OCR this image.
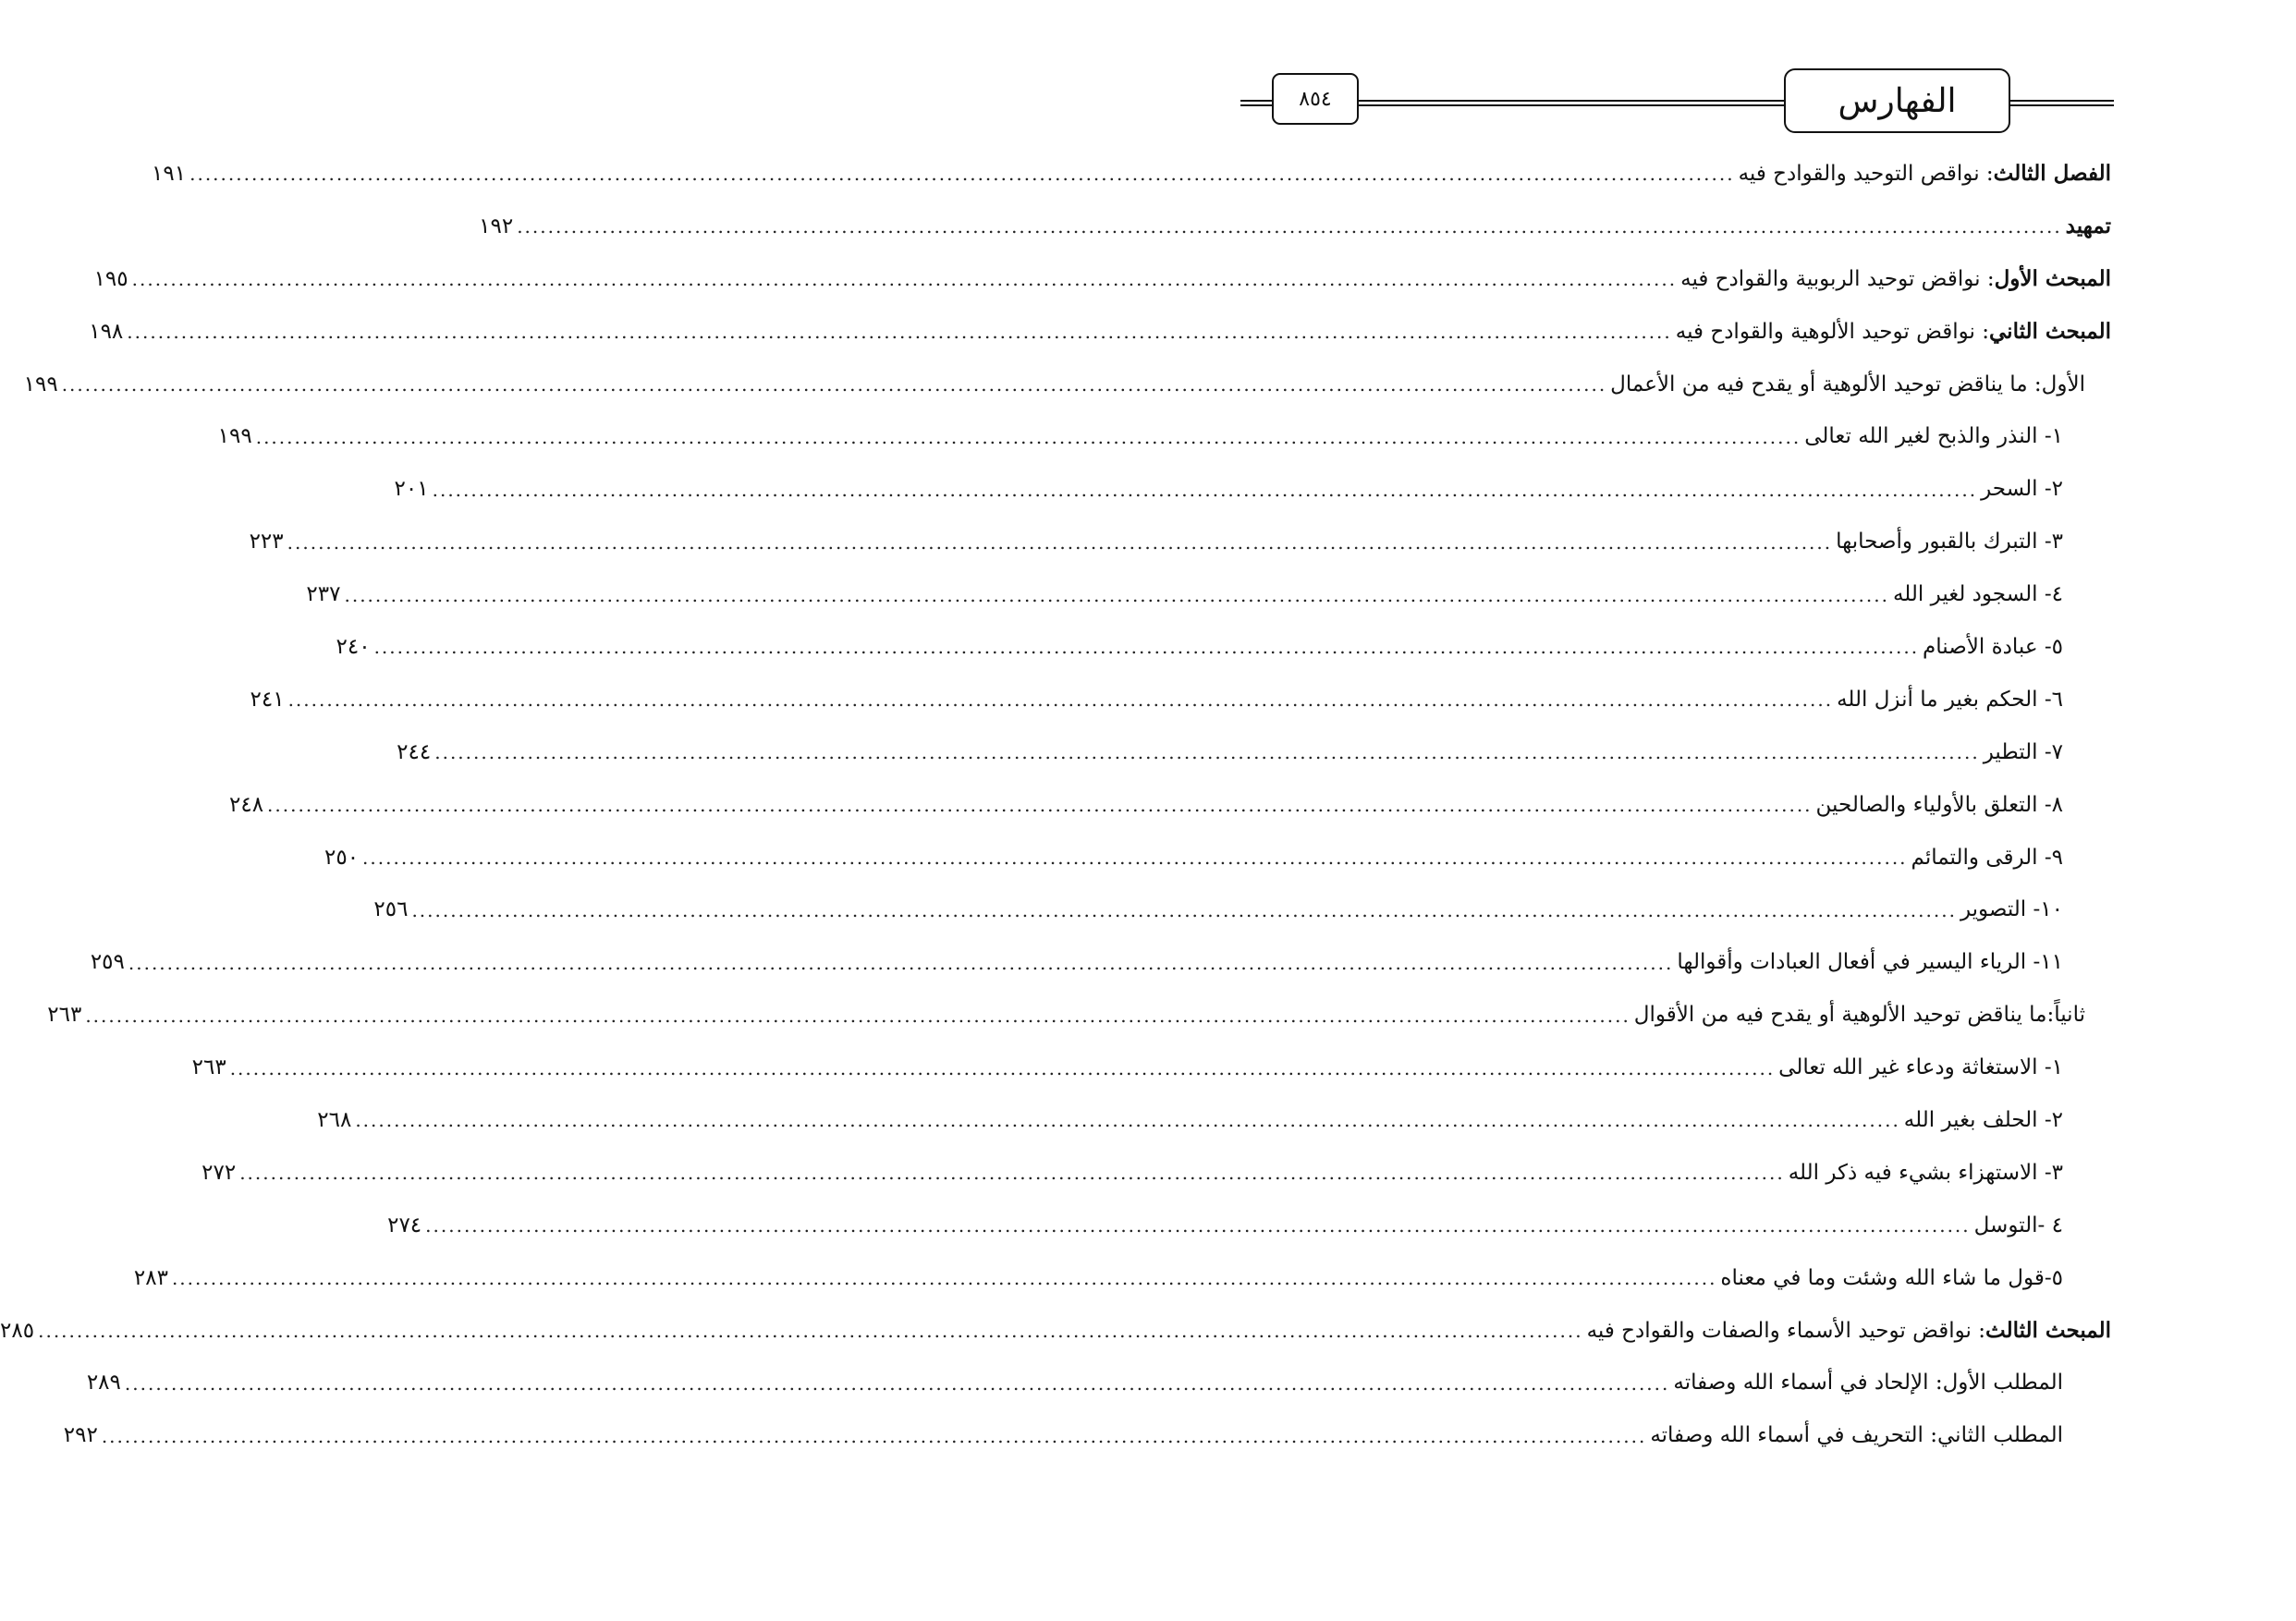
٨٥٤	الفهارس
الفصل الثالث: نواقص التوحيد والقوادح فيه
........................................................................................................................................................................................................
١٩١
تمهيد
........................................................................................................................................................................................................
١٩٢
المبحث الأول: نواقض توحيد الربوبية والقوادح فيه
........................................................................................................................................................................................................
١٩٥
المبحث الثاني: نواقض توحيد الألوهية والقوادح فيه
........................................................................................................................................................................................................
١٩٨
الأول: ما يناقض توحيد الألوهية أو يقدح فيه من الأعمال
........................................................................................................................................................................................................
١٩٩
١- النذر والذبح لغير الله تعالى
........................................................................................................................................................................................................
١٩٩
٢- السحر
........................................................................................................................................................................................................
٢٠١
٣- التبرك بالقبور وأصحابها
........................................................................................................................................................................................................
٢٢٣
٤- السجود لغير الله
........................................................................................................................................................................................................
٢٣٧
٥- عبادة الأصنام
........................................................................................................................................................................................................
٢٤٠
٦- الحكم بغير ما أنزل الله
........................................................................................................................................................................................................
٢٤١
٧- التطير
........................................................................................................................................................................................................
٢٤٤
٨- التعلق بالأولياء والصالحين
........................................................................................................................................................................................................
٢٤٨
٩- الرقى والتمائم
........................................................................................................................................................................................................
٢٥٠
١٠- التصوير
........................................................................................................................................................................................................
٢٥٦
١١- الرياء اليسير في أفعال العبادات وأقوالها
........................................................................................................................................................................................................
٢٥٩
ثانياً:ما يناقض توحيد الألوهية أو يقدح فيه من الأقوال
........................................................................................................................................................................................................
٢٦٣
١- الاستغاثة ودعاء غير الله تعالى
........................................................................................................................................................................................................
٢٦٣
٢- الحلف بغير الله
........................................................................................................................................................................................................
٢٦٨
٣- الاستهزاء بشيء فيه ذكر الله
........................................................................................................................................................................................................
٢٧٢
٤ -التوسل
........................................................................................................................................................................................................
٢٧٤
٥-قول ما شاء الله وشئت وما في معناه
........................................................................................................................................................................................................
٢٨٣
المبحث الثالث: نواقض توحيد الأسماء والصفات والقوادح فيه
........................................................................................................................................................................................................
٢٨٥
المطلب الأول: الإلحاد في أسماء الله وصفاته
........................................................................................................................................................................................................
٢٨٩
المطلب الثاني: التحريف في أسماء الله وصفاته
........................................................................................................................................................................................................
٢٩٢
